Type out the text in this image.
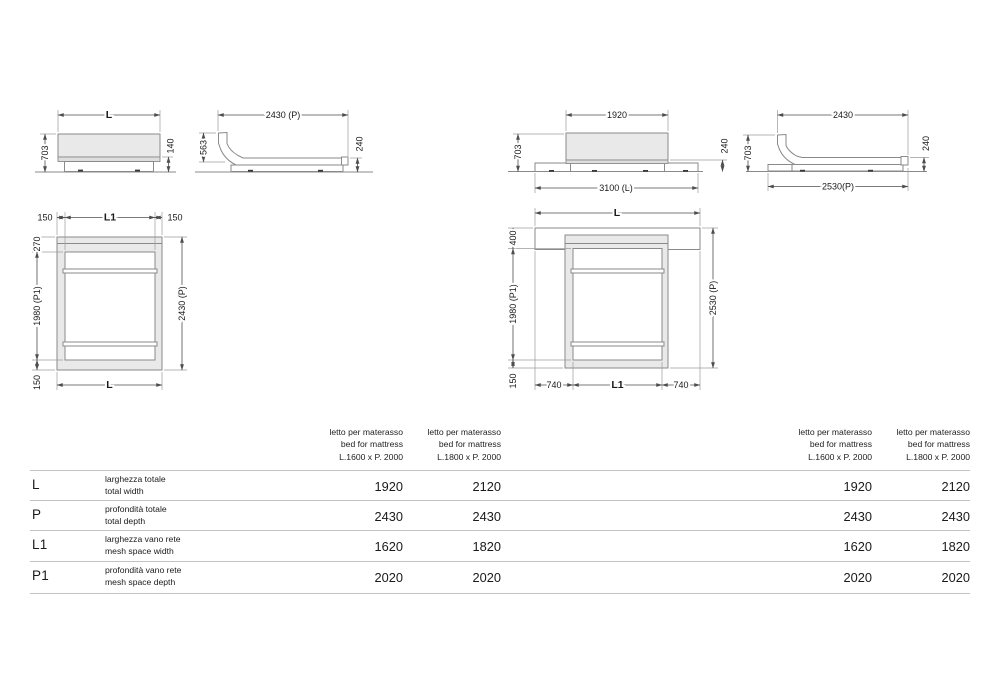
L
703	140
2430 (P)
563	240
1920
703	240
3100 (L)
2430
703
240
2530(P)
150	L1	150
270
1980 (P1)
150
2430 (P)
L
L
400
1980 (P1)
150
2530 (P)
740	L1	740
letto per materasso
bed for mattress
L.1600 x P. 2000
letto per materasso
bed for mattress
L.1800 x P. 2000
letto per materasso
bed for mattress
L.1600 x P. 2000
letto per materasso
bed for mattress
L.1800 x P. 2000
L	larghezza totale
total width	1920	2120	1920	2120
P	profondità totale
total depth	2430	2430	2430	2430
L1	larghezza vano rete
mesh space width	1620	1820	1620	1820
P1	profondità vano rete
mesh space depth	2020	2020	2020	2020
